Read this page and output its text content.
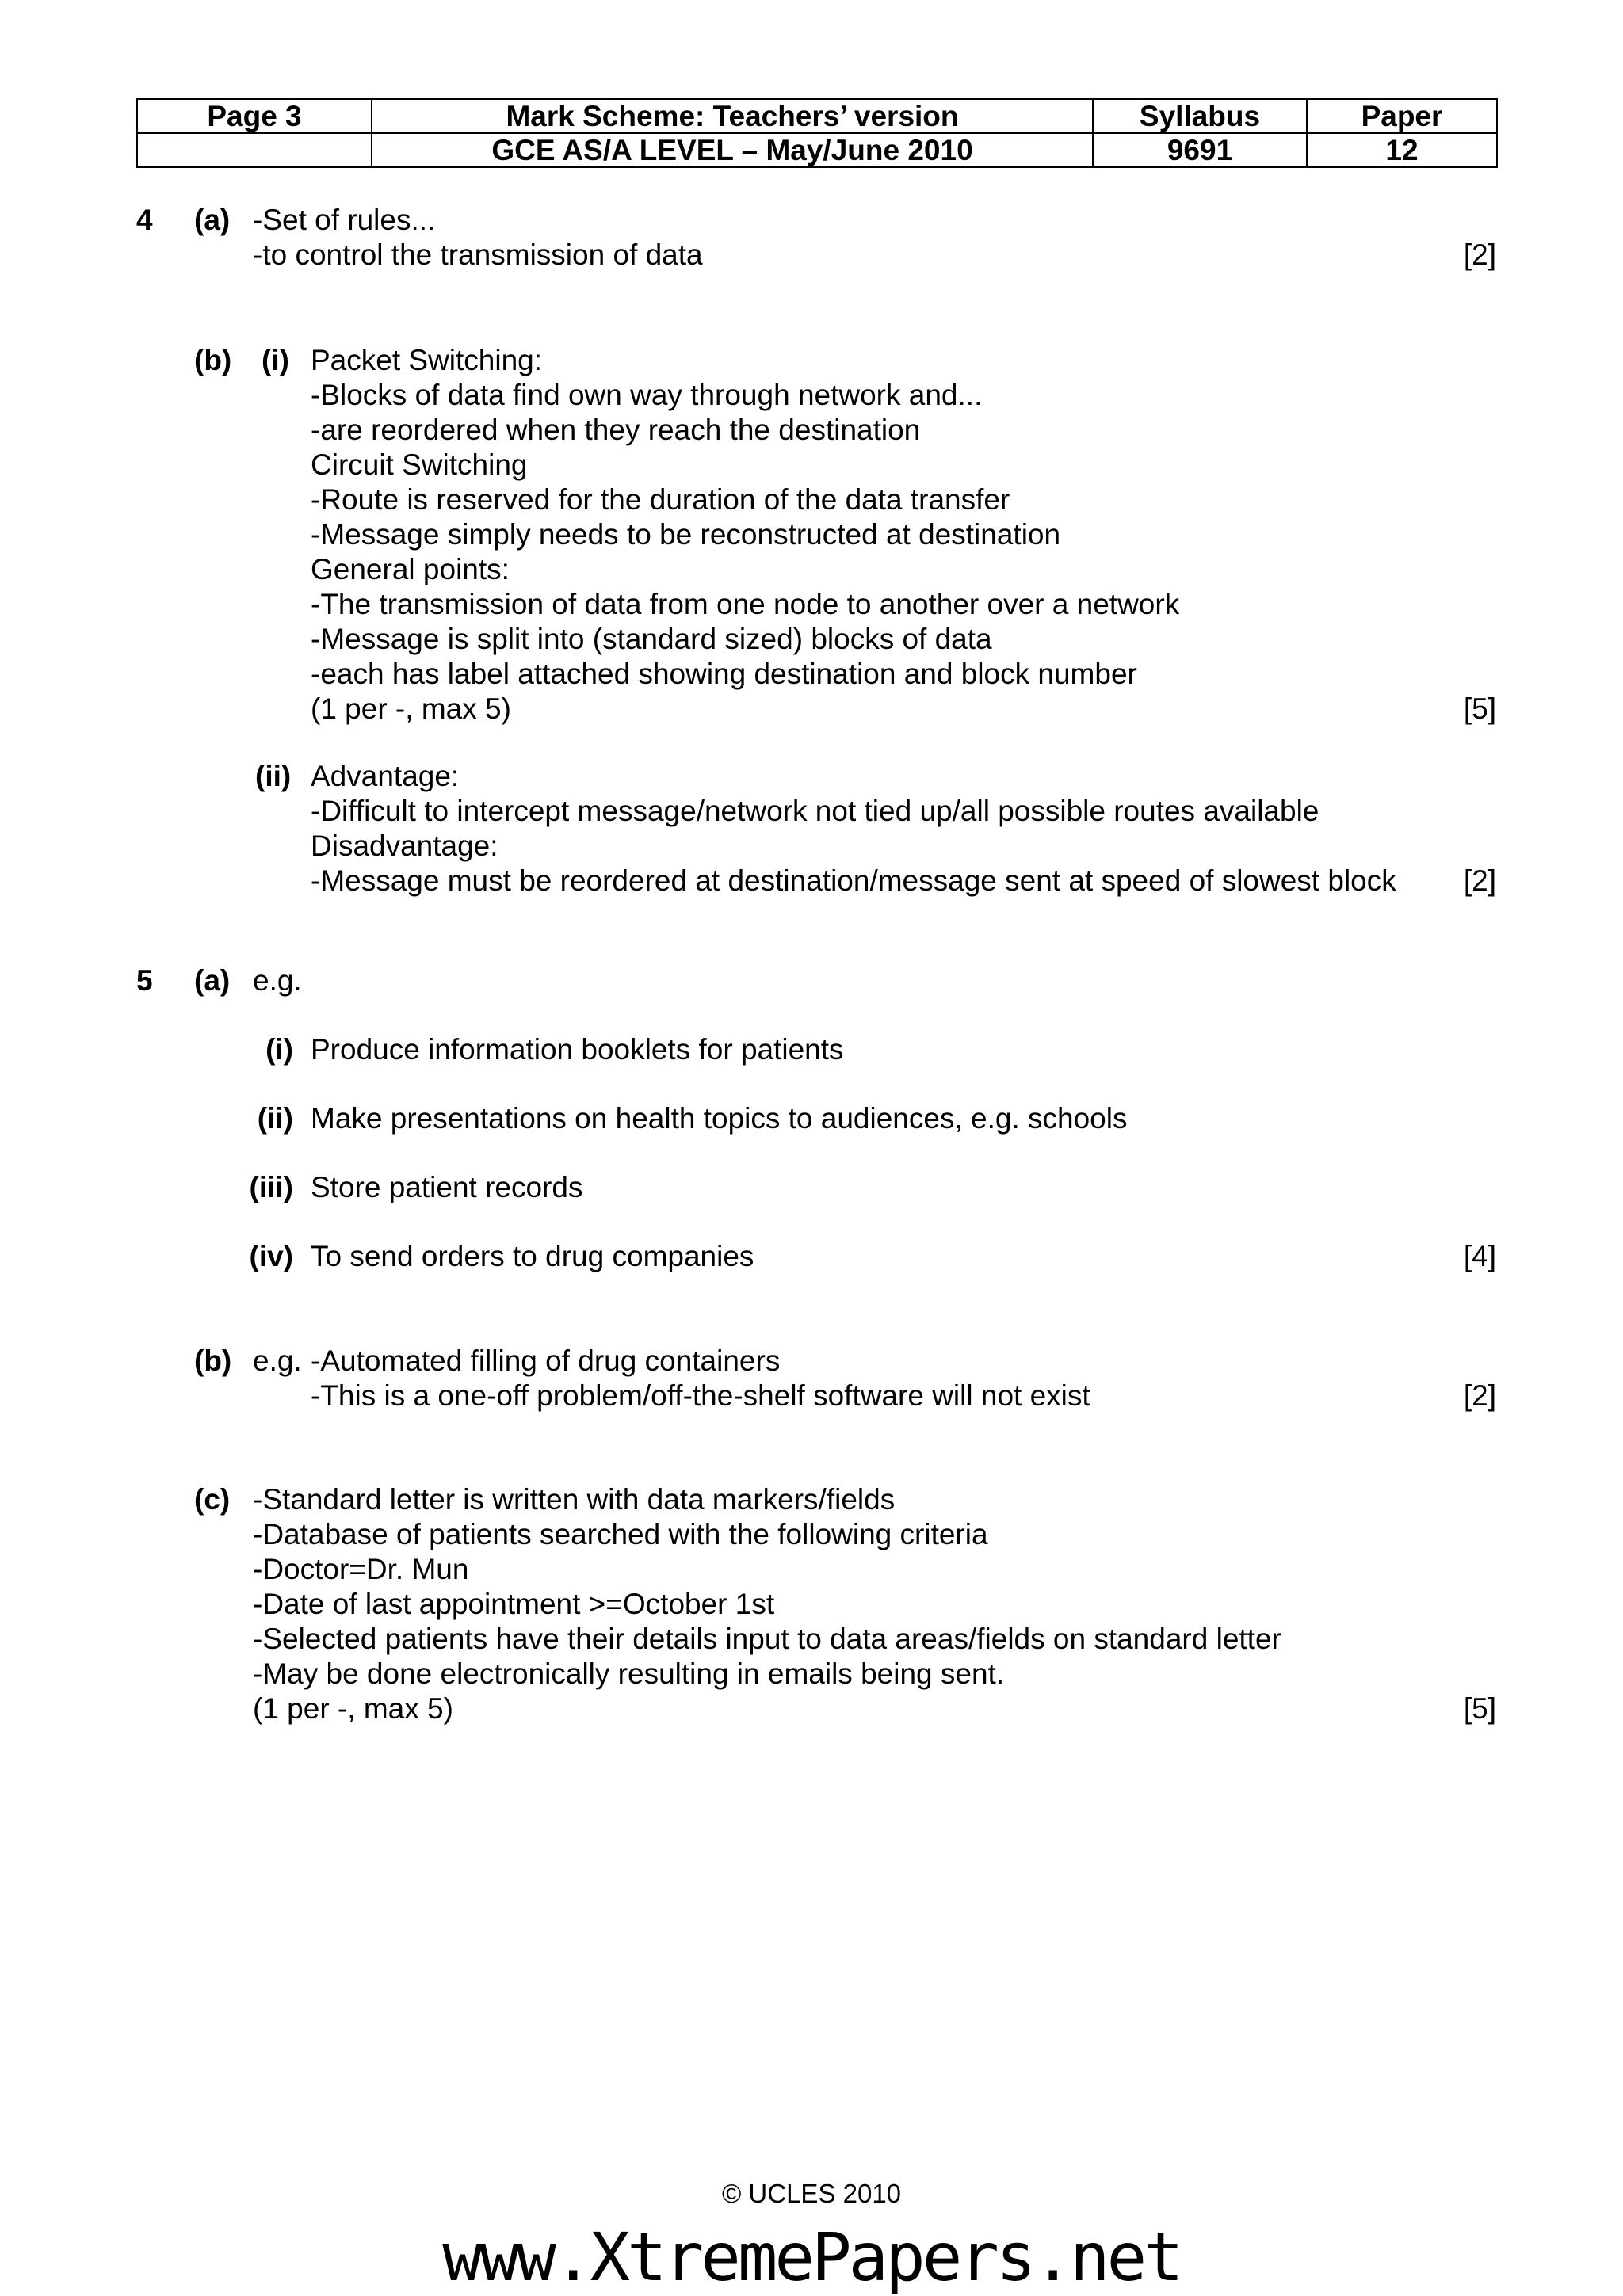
Page 3	Mark Scheme: Teachers’ version	Syllabus	Paper
	GCE AS/A LEVEL – May/June 2010	9691	12
4 (a) -Set of rules...
-to control the transmission of data	[2]
(b) (i) Packet Switching:
-Blocks of data find own way through network and...
-are reordered when they reach the destination
Circuit Switching
-Route is reserved for the duration of the data transfer
-Message simply needs to be reconstructed at destination
General points:
-The transmission of data from one node to another over a network
-Message is split into (standard sized) blocks of data
-each has label attached showing destination and block number
(1 per -, max 5)	[5]
(ii) Advantage:
-Difficult to intercept message/network not tied up/all possible routes available
Disadvantage:
-Message must be reordered at destination/message sent at speed of slowest block	[2]
5 (a) e.g.
(i) Produce information booklets for patients
(ii) Make presentations on health topics to audiences, e.g. schools
(iii) Store patient records
(iv) To send orders to drug companies	[4]
(b) e.g. -Automated filling of drug containers
-This is a one-off problem/off-the-shelf software will not exist	[2]
(c) -Standard letter is written with data markers/fields
-Database of patients searched with the following criteria
-Doctor=Dr. Mun
-Date of last appointment >=October 1st
-Selected patients have their details input to data areas/fields on standard letter
-May be done electronically resulting in emails being sent.
(1 per -, max 5)	[5]
© UCLES 2010
www.XtremePapers.net
